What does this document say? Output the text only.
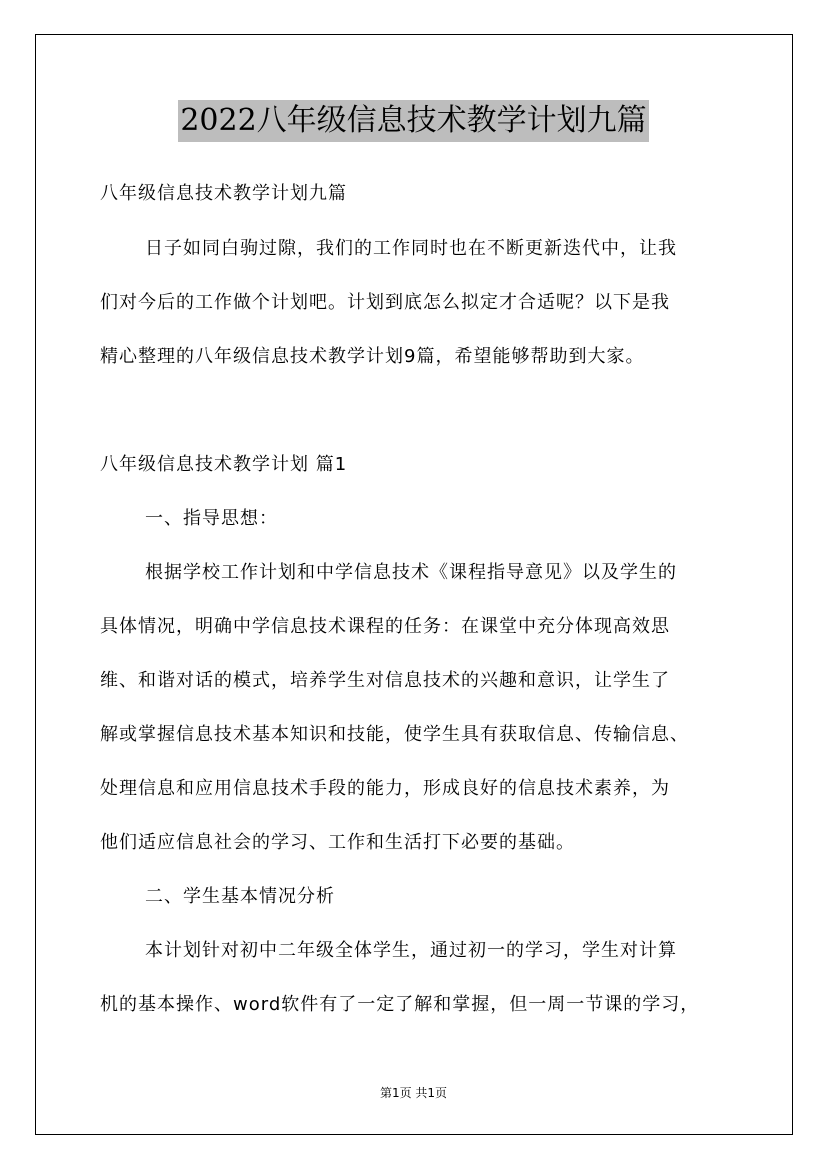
2022八年级信息技术教学计划九篇

八年级信息技术教学计划九篇

日子如同白驹过隙，我们的工作同时也在不断更新迭代中，让我

们对今后的工作做个计划吧。计划到底怎么拟定才合适呢？以下是我

精心整理的八年级信息技术教学计划9篇，希望能够帮助到大家。

八年级信息技术教学计划 篇1

一、指导思想：

根据学校工作计划和中学信息技术《课程指导意见》以及学生的

具体情况，明确中学信息技术课程的任务：在课堂中充分体现高效思

维、和谐对话的模式，培养学生对信息技术的兴趣和意识，让学生了

解或掌握信息技术基本知识和技能，使学生具有获取信息、传输信息、

处理信息和应用信息技术手段的能力，形成良好的信息技术素养，为

他们适应信息社会的学习、工作和生活打下必要的基础。

二、学生基本情况分析

本计划针对初中二年级全体学生，通过初一的学习，学生对计算

机的基本操作、word软件有了一定了解和掌握，但一周一节课的学习，

第1页 共1页
